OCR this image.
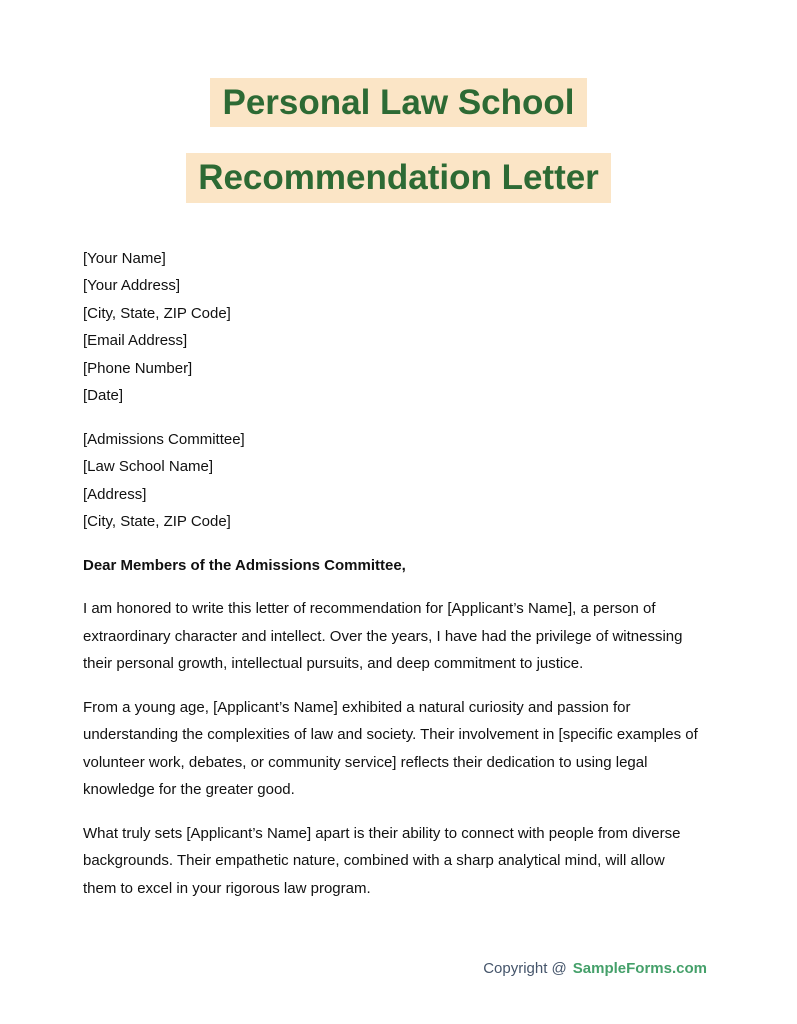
Personal Law School
Recommendation Letter
[Your Name]
[Your Address]
[City, State, ZIP Code]
[Email Address]
[Phone Number]
[Date]
[Admissions Committee]
[Law School Name]
[Address]
[City, State, ZIP Code]

Dear Members of the Admissions Committee,

I am honored to write this letter of recommendation for [Applicant’s Name], a person of extraordinary character and intellect. Over the years, I have had the privilege of witnessing their personal growth, intellectual pursuits, and deep commitment to justice.

From a young age, [Applicant’s Name] exhibited a natural curiosity and passion for understanding the complexities of law and society. Their involvement in [specific examples of volunteer work, debates, or community service] reflects their dedication to using legal knowledge for the greater good.

What truly sets [Applicant’s Name] apart is their ability to connect with people from diverse backgrounds. Their empathetic nature, combined with a sharp analytical mind, will allow them to excel in your rigorous law program.

Copyright @ SampleForms.com
